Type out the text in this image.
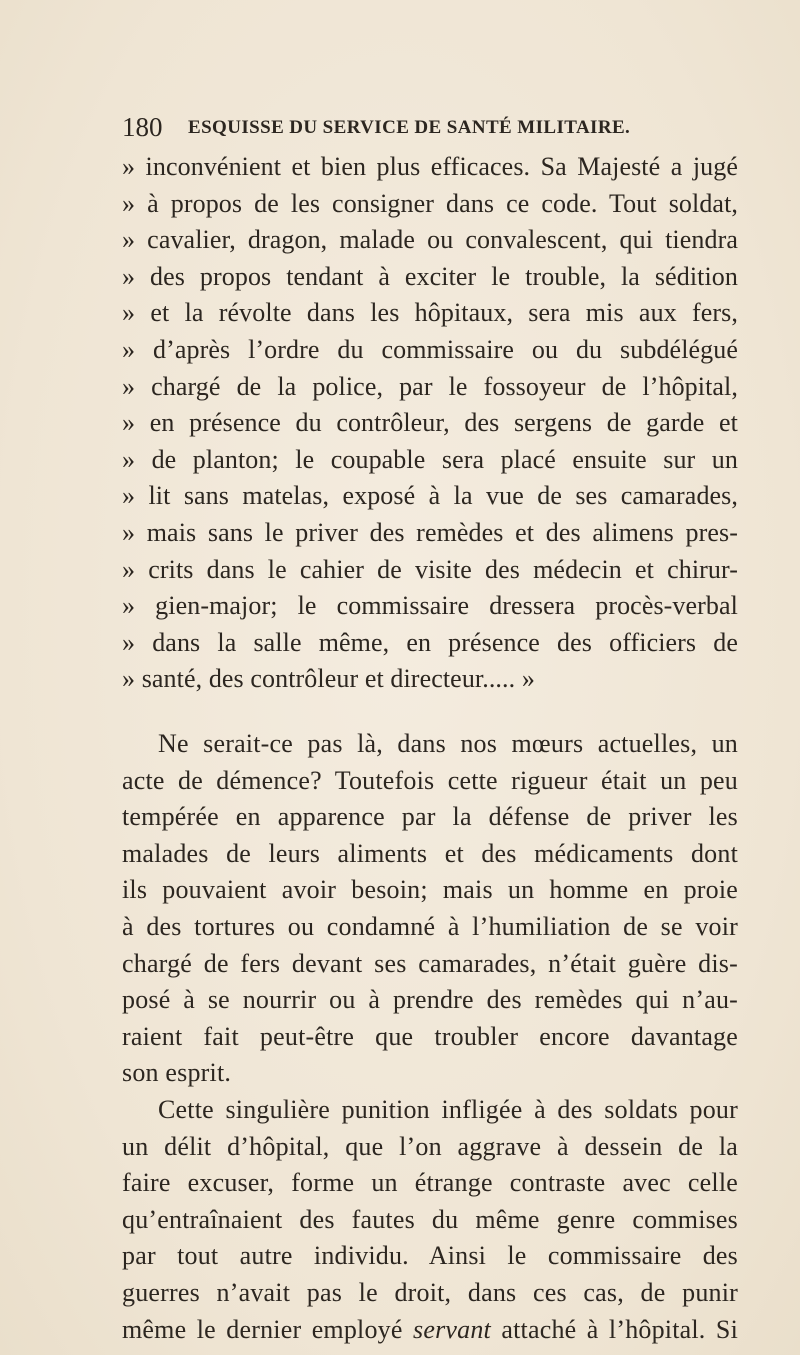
180 ESQUISSE DU SERVICE DE SANTÉ MILITAIRE.
» inconvénient et bien plus efficaces. Sa Majesté a jugé
» à propos de les consigner dans ce code. Tout soldat,
» cavalier, dragon, malade ou convalescent, qui tiendra
» des propos tendant à exciter le trouble, la sédition
» et la révolte dans les hôpitaux, sera mis aux fers,
» d’après l’ordre du commissaire ou du subdélégué
» chargé de la police, par le fossoyeur de l’hôpital,
» en présence du contrôleur, des sergens de garde et
» de planton; le coupable sera placé ensuite sur un
» lit sans matelas, exposé à la vue de ses camarades,
» mais sans le priver des remèdes et des alimens pres-
» crits dans le cahier de visite des médecin et chirur-
» gien-major; le commissaire dressera procès-verbal
» dans la salle même, en présence des officiers de
» santé, des contrôleur et directeur..... »
Ne serait-ce pas là, dans nos mœurs actuelles, un
acte de démence? Toutefois cette rigueur était un peu
tempérée en apparence par la défense de priver les
malades de leurs aliments et des médicaments dont
ils pouvaient avoir besoin; mais un homme en proie
à des tortures ou condamné à l’humiliation de se voir
chargé de fers devant ses camarades, n’était guère dis-
posé à se nourrir ou à prendre des remèdes qui n’au-
raient fait peut-être que troubler encore davantage
son esprit.
Cette singulière punition infligée à des soldats pour
un délit d’hôpital, que l’on aggrave à dessein de la
faire excuser, forme un étrange contraste avec celle
qu’entraînaient des fautes du même genre commises
par tout autre individu. Ainsi le commissaire des
guerres n’avait pas le droit, dans ces cas, de punir
même le dernier employé servant attaché à l’hôpital. Si
